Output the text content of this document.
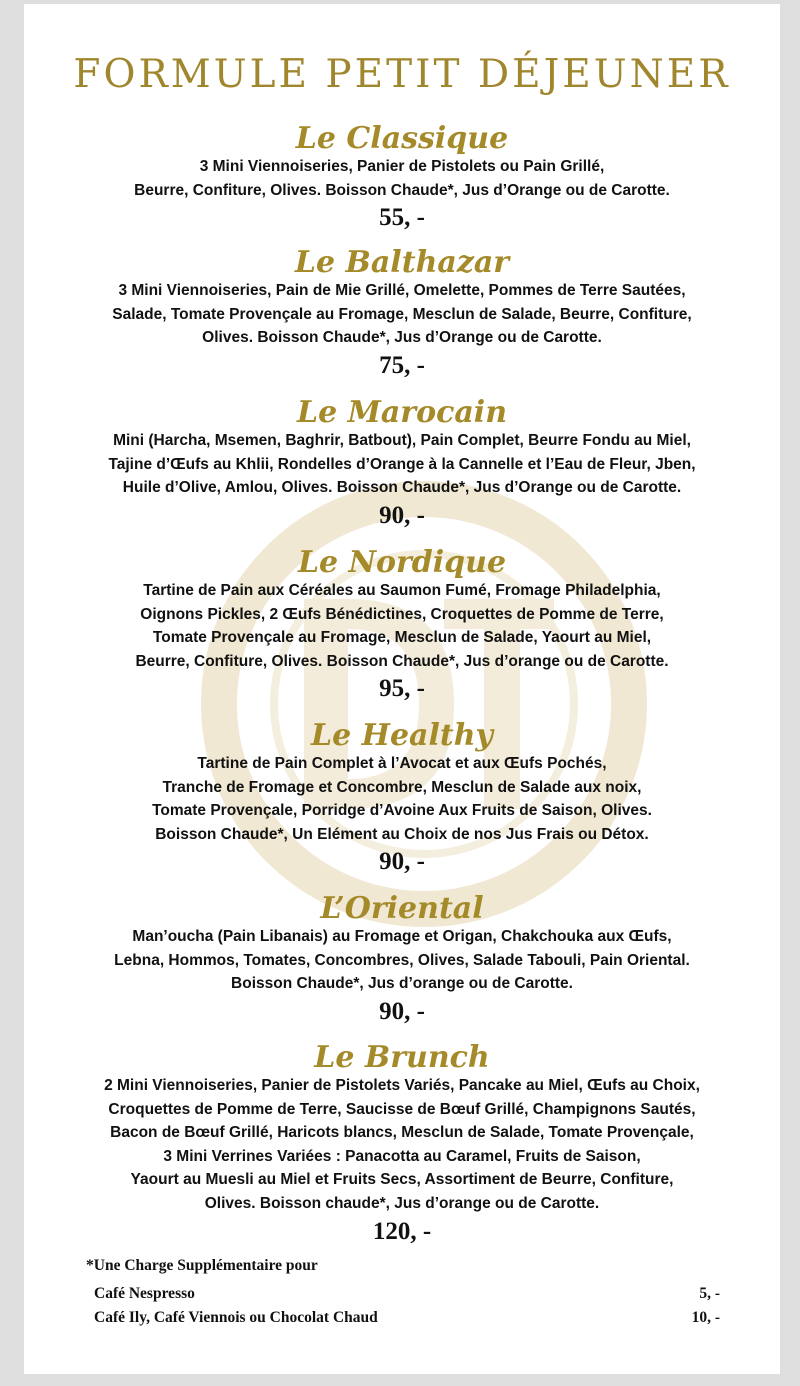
FORMULE PETIT DÉJEUNER
Le Classique
3 Mini Viennoiseries, Panier de Pistolets ou Pain Grillé,
Beurre, Confiture, Olives. Boisson Chaude*, Jus d’Orange ou de Carotte.
55, -
Le Balthazar
3 Mini Viennoiseries, Pain de Mie Grillé, Omelette, Pommes de Terre Sautées,
Salade, Tomate Provençale au Fromage, Mesclun de Salade, Beurre, Confiture,
Olives. Boisson Chaude*, Jus d’Orange ou de Carotte.
75, -
Le Marocain
Mini (Harcha, Msemen, Baghrir, Batbout), Pain Complet, Beurre Fondu au Miel,
Tajine d’Œufs au Khlii, Rondelles d’Orange à la Cannelle et l’Eau de Fleur, Jben,
Huile d’Olive, Amlou, Olives. Boisson Chaude*, Jus d’Orange ou de Carotte.
90, -
Le Nordique
Tartine de Pain aux Céréales au Saumon Fumé, Fromage Philadelphia,
Oignons Pickles, 2 Œufs Bénédictines, Croquettes de Pomme de Terre,
Tomate Provençale au Fromage, Mesclun de Salade, Yaourt au Miel,
Beurre, Confiture, Olives. Boisson Chaude*, Jus d’orange ou de Carotte.
95, -
Le Healthy
Tartine de Pain Complet à l’Avocat et aux Œufs Pochés,
Tranche de Fromage et Concombre, Mesclun de Salade aux noix,
Tomate Provençale, Porridge d’Avoine Aux Fruits de Saison, Olives.
Boisson Chaude*, Un Elément au Choix de nos Jus Frais ou Détox.
90, -
L’Oriental
Man’oucha (Pain Libanais) au Fromage et Origan, Chakchouka aux Œufs,
Lebna, Hommos, Tomates, Concombres, Olives, Salade Tabouli, Pain Oriental.
Boisson Chaude*, Jus d’orange ou de Carotte.
90, -
Le Brunch
2 Mini Viennoiseries, Panier de Pistolets Variés, Pancake au Miel, Œufs au Choix,
Croquettes de Pomme de Terre, Saucisse de Bœuf Grillé, Champignons Sautés,
Bacon de Bœuf Grillé, Haricots blancs, Mesclun de Salade, Tomate Provençale,
3 Mini Verrines Variées : Panacotta au Caramel, Fruits de Saison,
Yaourt au Muesli au Miel et Fruits Secs, Assortiment de Beurre, Confiture,
Olives. Boisson chaude*, Jus d’orange ou de Carotte.
120, -
*Une Charge Supplémentaire pour
Café Nespresso	5, -
Café Ily, Café Viennois ou Chocolat Chaud	10, -
